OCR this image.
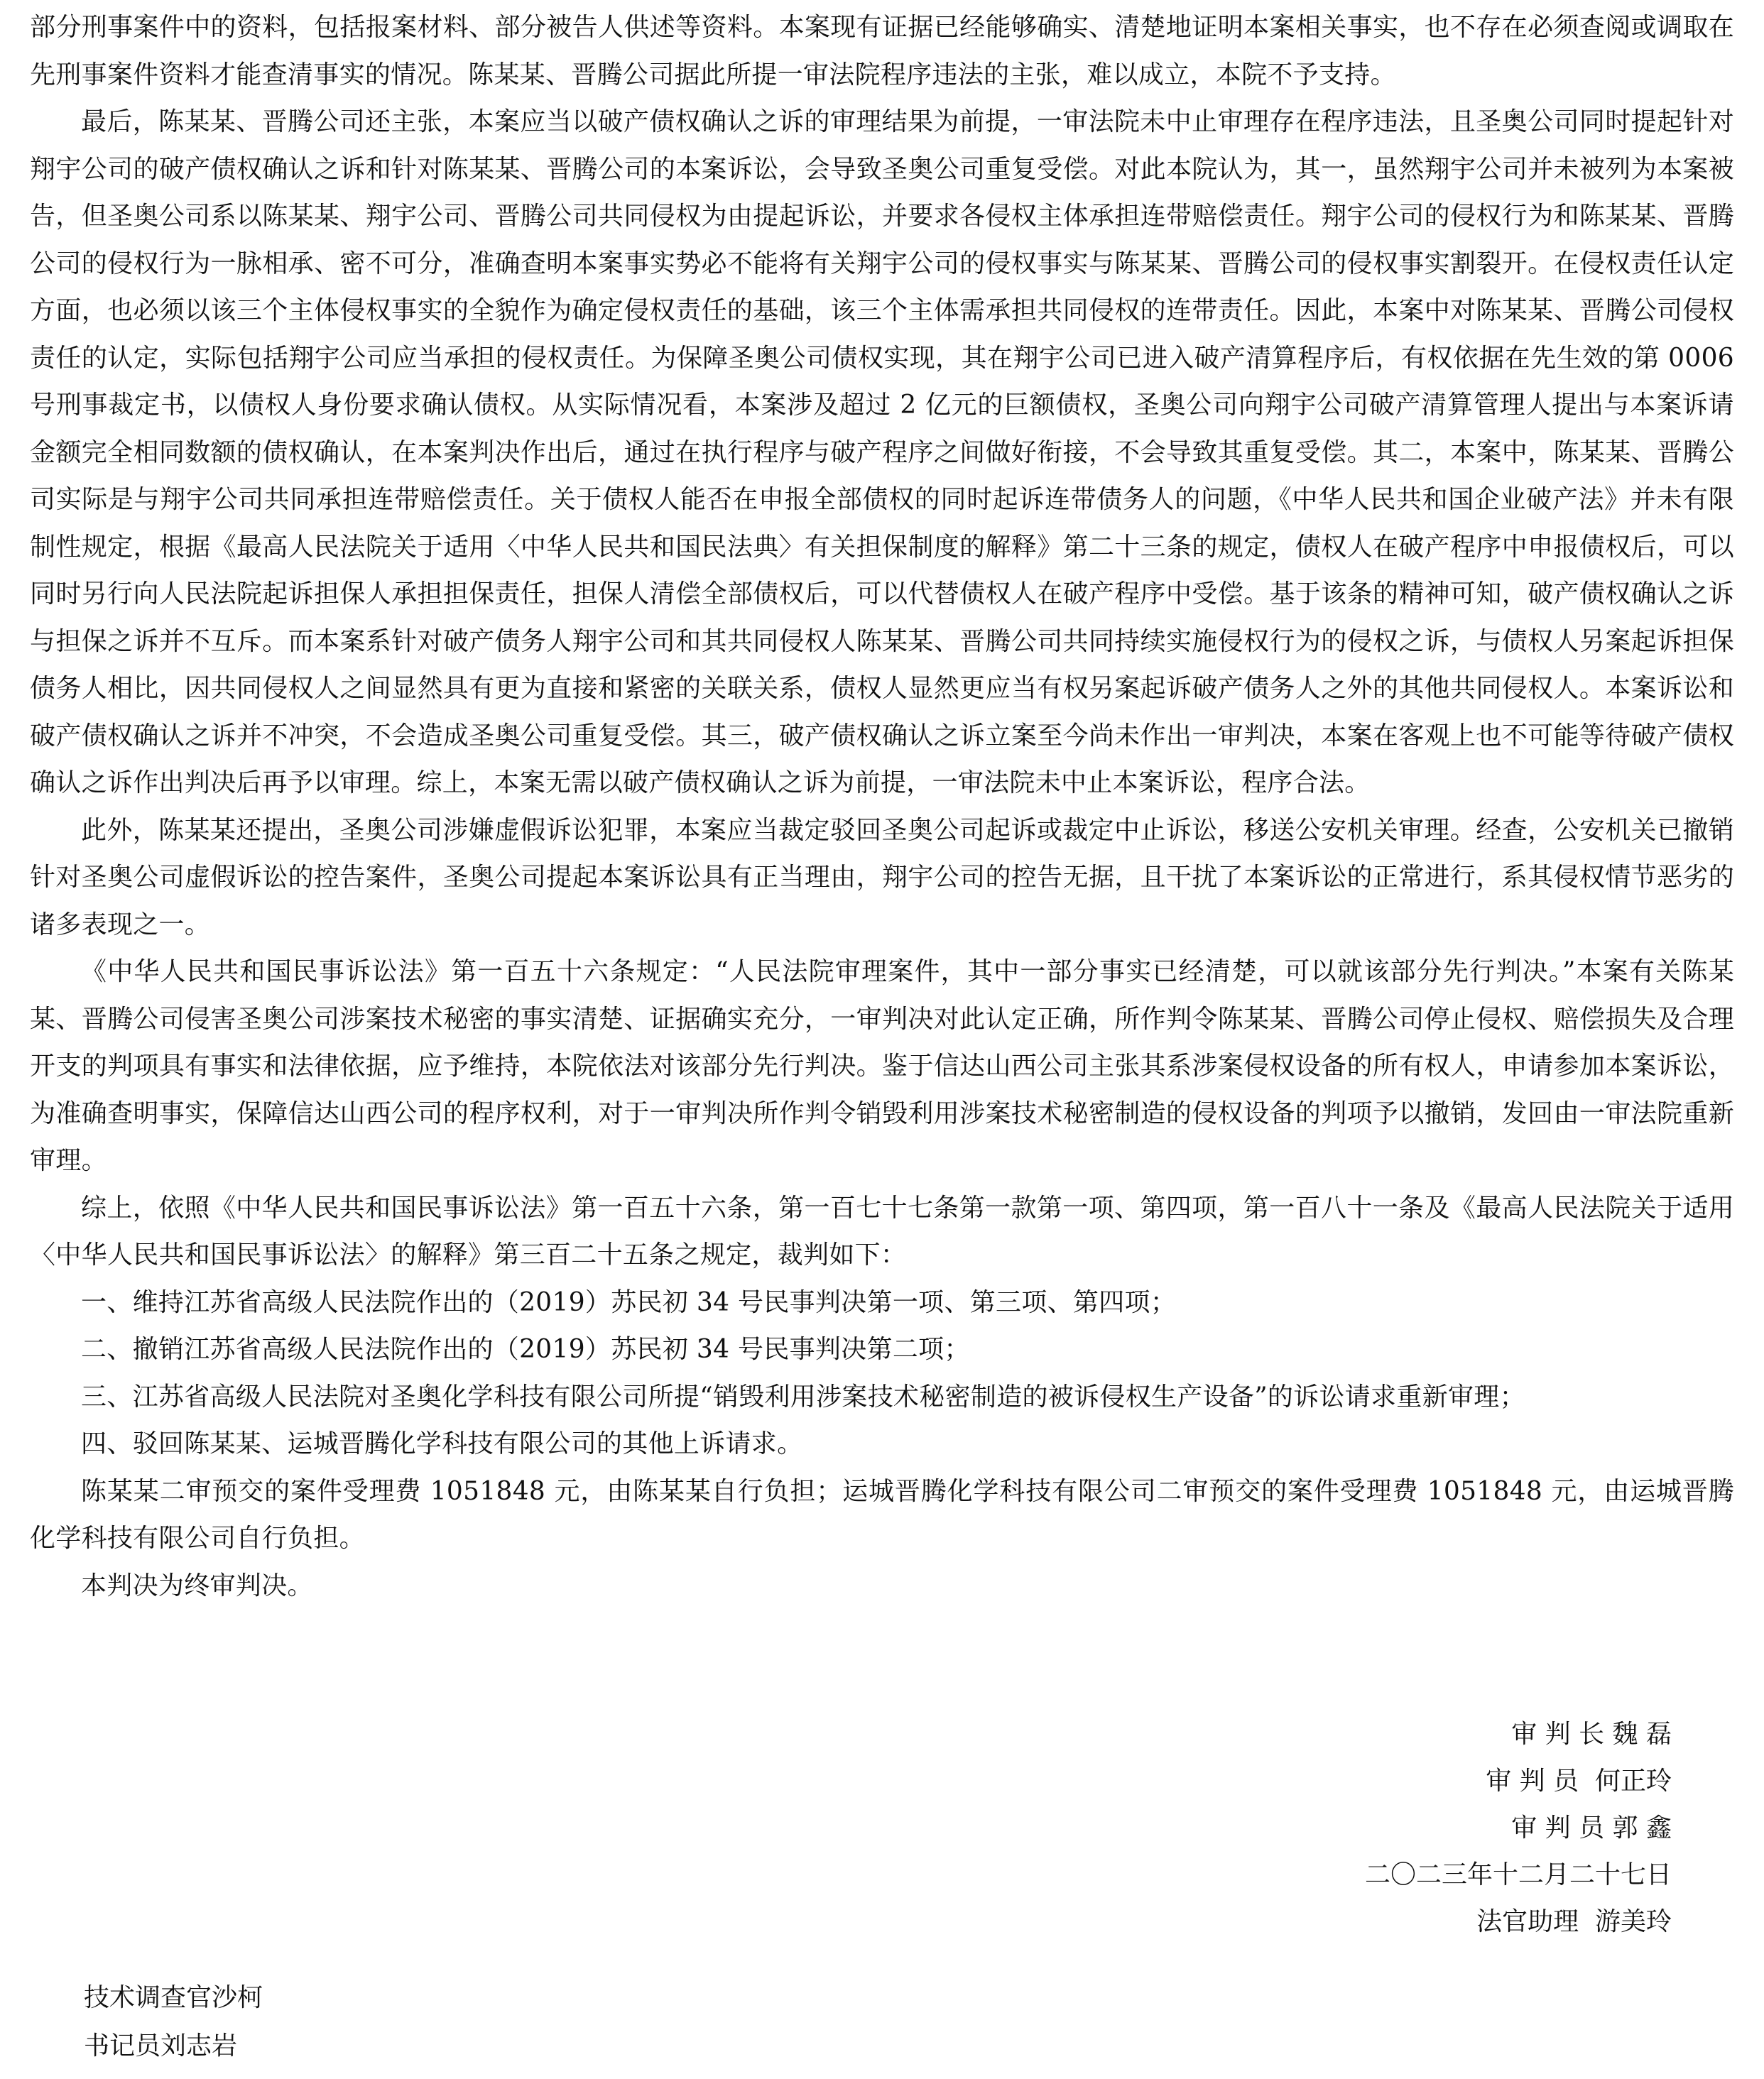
部分刑事案件中的资料，包括报案材料、部分被告人供述等资料。本案现有证据已经能够确实、清楚地证明本案相关事实，也不存在必须查阅或调取在先刑事案件资料才能查清事实的情况。陈某某、晋腾公司据此所提一审法院程序违法的主张，难以成立，本院不予支持。

最后，陈某某、晋腾公司还主张，本案应当以破产债权确认之诉的审理结果为前提，一审法院未中止审理存在程序违法，且圣奥公司同时提起针对翔宇公司的破产债权确认之诉和针对陈某某、晋腾公司的本案诉讼，会导致圣奥公司重复受偿。对此本院认为，其一，虽然翔宇公司并未被列为本案被告，但圣奥公司系以陈某某、翔宇公司、晋腾公司共同侵权为由提起诉讼，并要求各侵权主体承担连带赔偿责任。翔宇公司的侵权行为和陈某某、晋腾公司的侵权行为一脉相承、密不可分，准确查明本案事实势必不能将有关翔宇公司的侵权事实与陈某某、晋腾公司的侵权事实割裂开。在侵权责任认定方面，也必须以该三个主体侵权事实的全貌作为确定侵权责任的基础，该三个主体需承担共同侵权的连带责任。因此，本案中对陈某某、晋腾公司侵权责任的认定，实际包括翔宇公司应当承担的侵权责任。为保障圣奥公司债权实现，其在翔宇公司已进入破产清算程序后，有权依据在先生效的第 0006 号刑事裁定书，以债权人身份要求确认债权。从实际情况看，本案涉及超过 2 亿元的巨额债权，圣奥公司向翔宇公司破产清算管理人提出与本案诉请金额完全相同数额的债权确认，在本案判决作出后，通过在执行程序与破产程序之间做好衔接，不会导致其重复受偿。其二，本案中，陈某某、晋腾公司实际是与翔宇公司共同承担连带赔偿责任。关于债权人能否在申报全部债权的同时起诉连带债务人的问题，《中华人民共和国企业破产法》并未有限制性规定，根据《最高人民法院关于适用〈中华人民共和国民法典〉有关担保制度的解释》第二十三条的规定，债权人在破产程序中申报债权后，可以同时另行向人民法院起诉担保人承担担保责任，担保人清偿全部债权后，可以代替债权人在破产程序中受偿。基于该条的精神可知，破产债权确认之诉与担保之诉并不互斥。而本案系针对破产债务人翔宇公司和其共同侵权人陈某某、晋腾公司共同持续实施侵权行为的侵权之诉，与债权人另案起诉担保债务人相比，因共同侵权人之间显然具有更为直接和紧密的关联关系，债权人显然更应当有权另案起诉破产债务人之外的其他共同侵权人。本案诉讼和破产债权确认之诉并不冲突，不会造成圣奥公司重复受偿。其三，破产债权确认之诉立案至今尚未作出一审判决，本案在客观上也不可能等待破产债权确认之诉作出判决后再予以审理。综上，本案无需以破产债权确认之诉为前提，一审法院未中止本案诉讼，程序合法。

此外，陈某某还提出，圣奥公司涉嫌虚假诉讼犯罪，本案应当裁定驳回圣奥公司起诉或裁定中止诉讼，移送公安机关审理。经查，公安机关已撤销针对圣奥公司虚假诉讼的控告案件，圣奥公司提起本案诉讼具有正当理由，翔宇公司的控告无据，且干扰了本案诉讼的正常进行，系其侵权情节恶劣的诸多表现之一。

《中华人民共和国民事诉讼法》第一百五十六条规定：“人民法院审理案件，其中一部分事实已经清楚，可以就该部分先行判决。”本案有关陈某某、晋腾公司侵害圣奥公司涉案技术秘密的事实清楚、证据确实充分，一审判决对此认定正确，所作判令陈某某、晋腾公司停止侵权、赔偿损失及合理开支的判项具有事实和法律依据，应予维持，本院依法对该部分先行判决。鉴于信达山西公司主张其系涉案侵权设备的所有权人，申请参加本案诉讼，为准确查明事实，保障信达山西公司的程序权利，对于一审判决所作判令销毁利用涉案技术秘密制造的侵权设备的判项予以撤销，发回由一审法院重新审理。

综上，依照《中华人民共和国民事诉讼法》第一百五十六条，第一百七十七条第一款第一项、第四项，第一百八十一条及《最高人民法院关于适用〈中华人民共和国民事诉讼法〉的解释》第三百二十五条之规定，裁判如下：

一、维持江苏省高级人民法院作出的（2019）苏民初 34 号民事判决第一项、第三项、第四项；

二、撤销江苏省高级人民法院作出的（2019）苏民初 34 号民事判决第二项；

三、江苏省高级人民法院对圣奥化学科技有限公司所提“销毁利用涉案技术秘密制造的被诉侵权生产设备”的诉讼请求重新审理；

四、驳回陈某某、运城晋腾化学科技有限公司的其他上诉请求。

陈某某二审预交的案件受理费 1051848 元，由陈某某自行负担；运城晋腾化学科技有限公司二审预交的案件受理费 1051848 元，由运城晋腾化学科技有限公司自行负担。

本判决为终审判决。

审 判 长 魏 磊
审 判 员  何正玲
审 判 员 郭 鑫
二〇二三年十二月二十七日
法官助理  游美玲
技术调查官沙柯
书记员刘志岩
